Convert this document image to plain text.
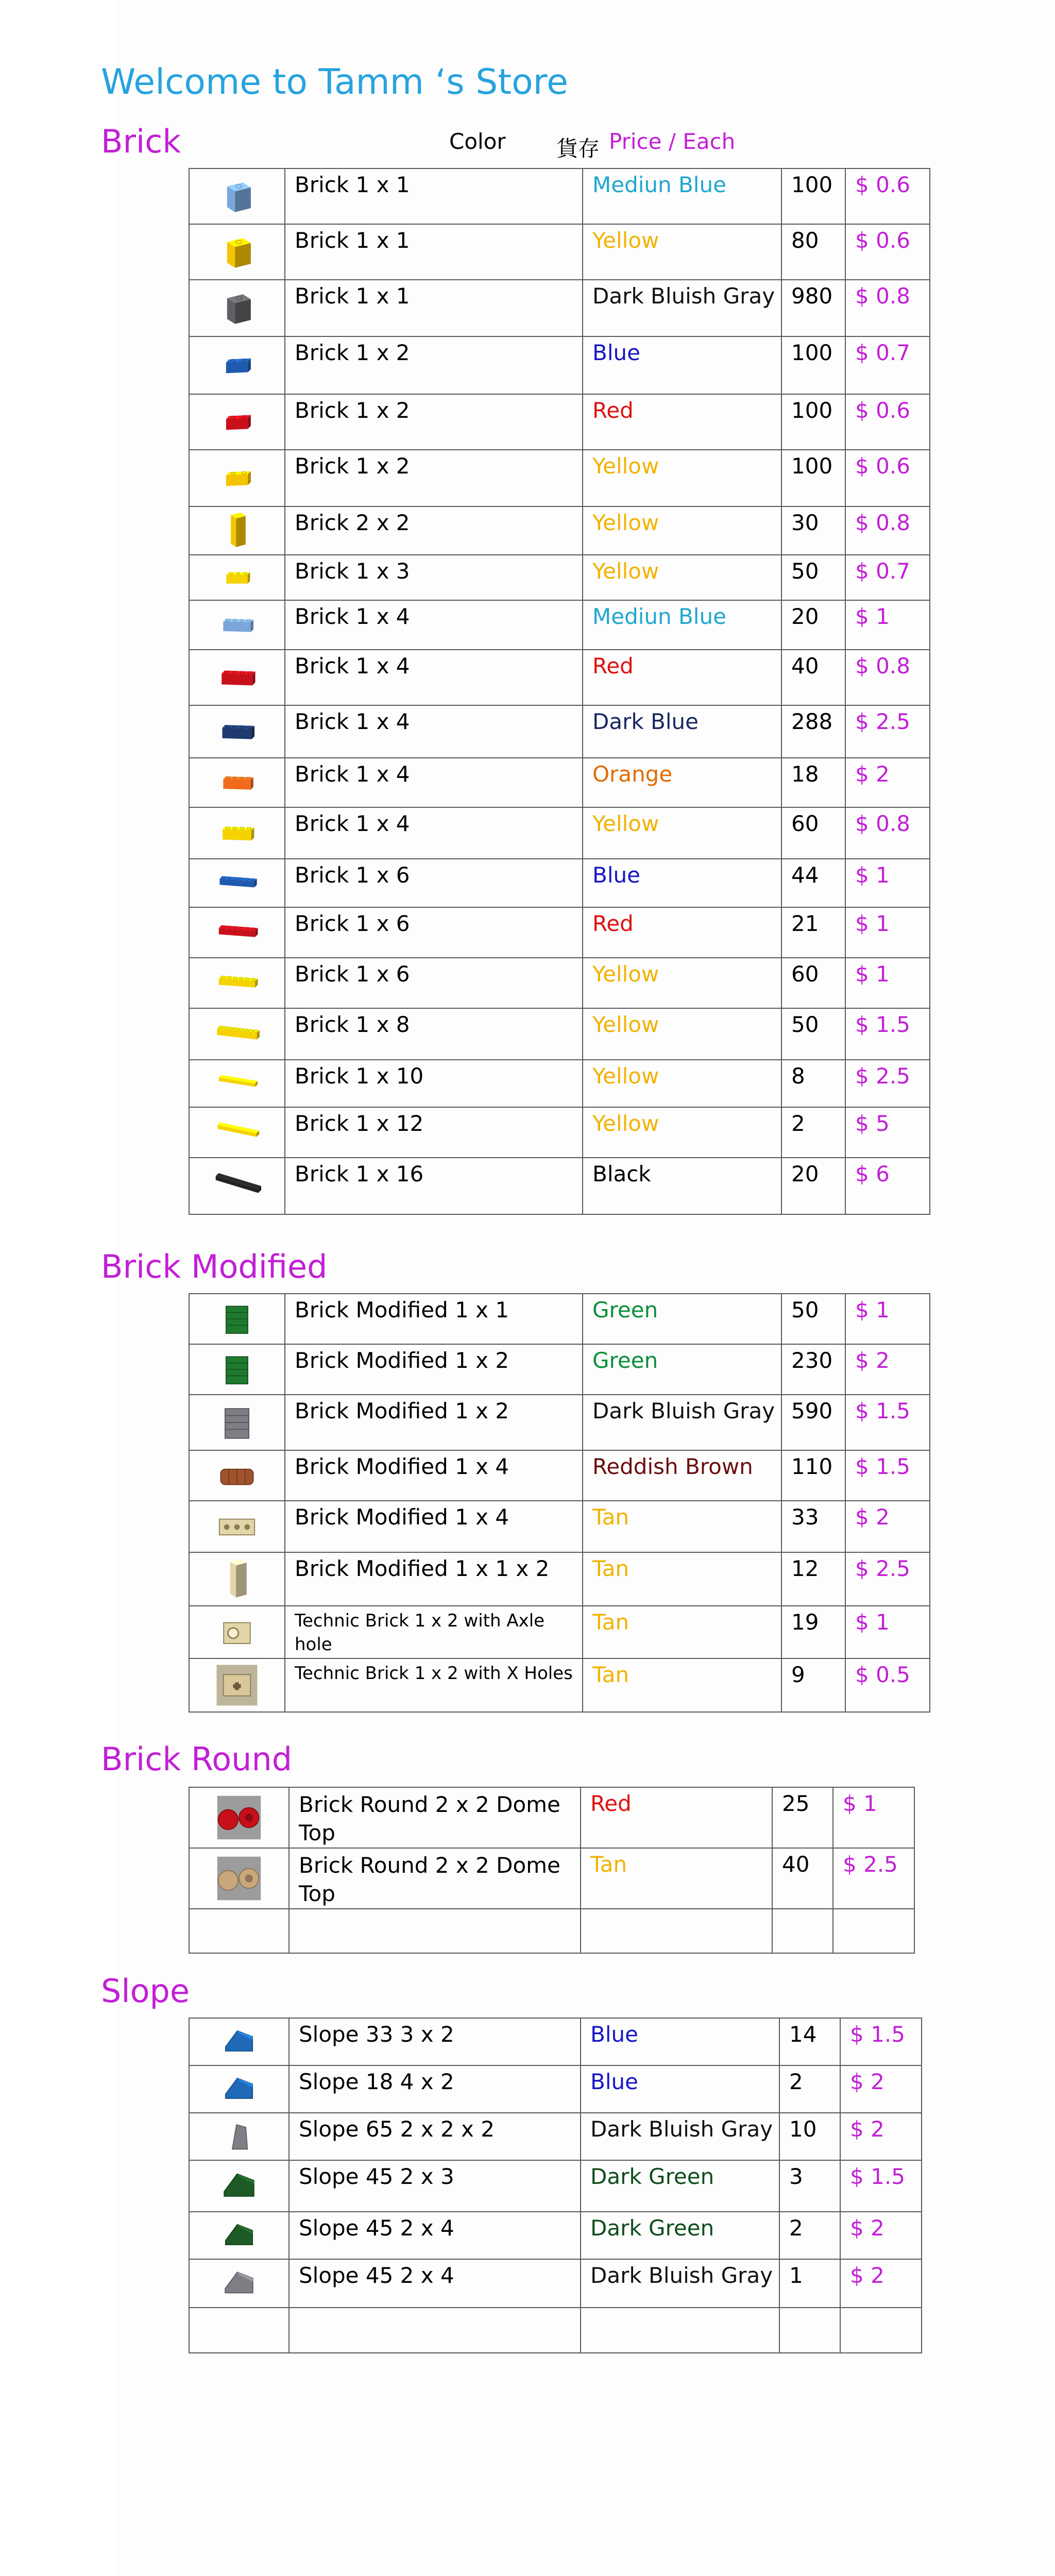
Welcome to Tamm ‘s Store
Color 貨存 Price / Each
Brick
	Brick 1 x 1	Mediun Blue	100	$ 0.6

	Brick 1 x 1	Yellow	80	$ 0.6

	Brick 1 x 1	Dark Bluish Gray	980	$ 0.8

	Brick 1 x 2	Blue	100	$ 0.7

	Brick 1 x 2	Red	100	$ 0.6

	Brick 1 x 2	Yellow	100	$ 0.6

	Brick 2 x 2	Yellow	30	$ 0.8

	Brick 1 x 3	Yellow	50	$ 0.7

	Brick 1 x 4	Mediun Blue	20	$ 1

	Brick 1 x 4	Red	40	$ 0.8

	Brick 1 x 4	Dark Blue	288	$ 2.5

	Brick 1 x 4	Orange	18	$ 2

	Brick 1 x 4	Yellow	60	$ 0.8

	Brick 1 x 6	Blue	44	$ 1

	Brick 1 x 6	Red	21	$ 1

	Brick 1 x 6	Yellow	60	$ 1

	Brick 1 x 8	Yellow	50	$ 1.5

	Brick 1 x 10	Yellow	8	$ 2.5

	Brick 1 x 12	Yellow	2	$ 5

	Brick 1 x 16	Black	20	$ 6
Brick Modified
	Brick Modified 1 x 1	Green	50	$ 1

	Brick Modified 1 x 2	Green	230	$ 2

	Brick Modified 1 x 2	Dark Bluish Gray	590	$ 1.5

	Brick Modified 1 x 4	Reddish Brown	110	$ 1.5

	Brick Modified 1 x 4	Tan	33	$ 2

	Brick Modified 1 x 1 x 2	Tan	12	$ 2.5

	Technic Brick 1 x 2 with Axle hole	Tan	19	$ 1

	Technic Brick 1 x 2 with X Holes	Tan	9	$ 0.5
Brick Round
	Brick Round 2 x 2 Dome Top	Red	25	$ 1

	Brick Round 2 x 2 Dome Top	Tan	40	$ 2.5

Slope
	Slope 33 3 x 2	Blue	14	$ 1.5

	Slope 18 4 x 2	Blue	2	$ 2

	Slope 65 2 x 2 x 2	Dark Bluish Gray	10	$ 2

	Slope 45 2 x 3	Dark Green	3	$ 1.5

	Slope 45 2 x 4	Dark Green	2	$ 2

	Slope 45 2 x 4	Dark Bluish Gray	1	$ 2
